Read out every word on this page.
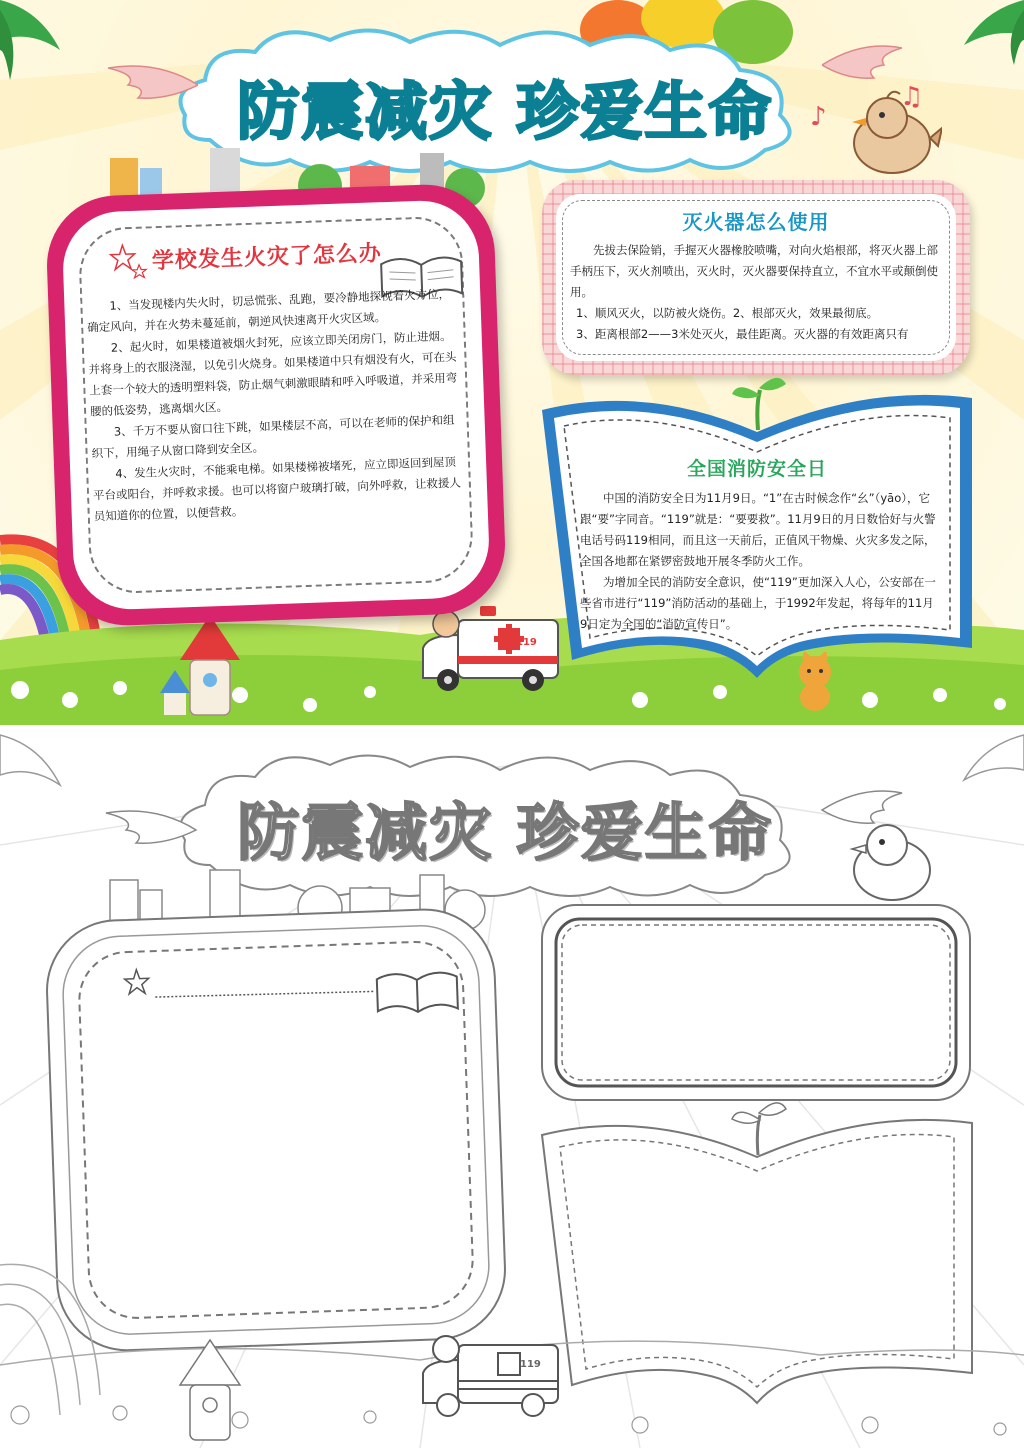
防震减灾 珍爱生命	♪
♫
119
学校发生火灾了怎么办

1、当发现楼内失火时，切忌慌张、乱跑，要冷静地探视着火方位，确定风向，并在火势未蔓延前，朝逆风快速离开火灾区域。

2、起火时，如果楼道被烟火封死，应该立即关闭房门，防止进烟。并将身上的衣服浇湿，以免引火烧身。如果楼道中只有烟没有火，可在头上套一个较大的透明塑料袋，防止烟气刺激眼睛和呼入呼吸道，并采用弯腰的低姿势，逃离烟火区。

3、千万不要从窗口往下跳，如果楼层不高，可以在老师的保护和组织下，用绳子从窗口降到安全区。

4、发生火灾时，不能乘电梯。如果楼梯被堵死，应立即返回到屋顶平台或阳台，并呼救求援。也可以将窗户玻璃打破，向外呼救，让救援人员知道你的位置，以便营救。

灭火器怎么使用

先拔去保险销，手握灭火器橡胶喷嘴，对向火焰根部，将灭火器上部手柄压下，灭火剂喷出，灭火时，灭火器要保持直立，不宜水平或颠倒使用。

1、顺风灭火，以防被火烧伤。2、根部灭火，效果最彻底。

3、距离根部2——3米处灭火，最佳距离。灭火器的有效距离只有

全国消防安全日

中国的消防安全日为11月9日。“1”在古时候念作“幺”（yāo），它跟“要”字同音。“119”就是：“要要救”。11月9日的月日数恰好与火警电话号码119相同，而且这一天前后，正值风干物燥、火灾多发之际，全国各地都在紧锣密鼓地开展冬季防火工作。

为增加全民的消防安全意识，使“119”更加深入人心，公安部在一些省市进行“119”消防活动的基础上，于1992年发起，将每年的11月9日定为全国的“消防宣传日”。

防震减灾 珍爱生命
119
